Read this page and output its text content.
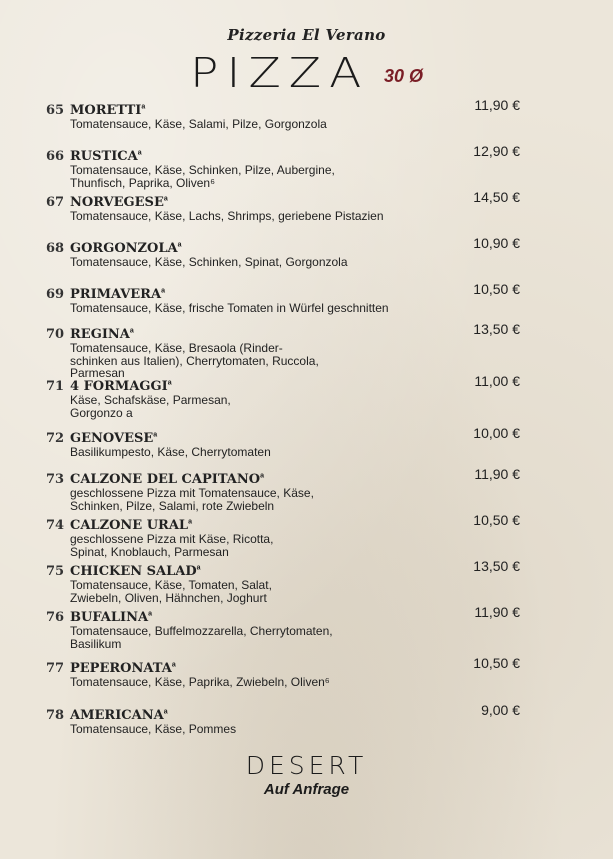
Pizzeria El Verano
PIZZA 30 Ø
65 MORETTI$^a$
Tomatensauce, Käse, Salami, Pilze, Gorgonzola
11,90 €
66 RUSTICA$^a$
Tomatensauce, Käse, Schinken, Pilze, Aubergine, Thunfisch, Paprika, Oliven⁶
12,90 €
67 NORVEGESE$^a$
Tomatensauce, Käse, Lachs, Shrimps, geriebene Pistazien
14,50 €
68 GORGONZOLA$^a$
Tomatensauce, Käse, Schinken, Spinat, Gorgonzola
10,90 €
69 PRIMAVERA$^a$
Tomatensauce, Käse, frische Tomaten in Würfel geschnitten
10,50 €
70 REGINA$^a$
Tomatensauce, Käse, Bresaola (Rinder-schinken aus Italien), Cherrytomaten, Ruccola, Parmesan
13,50 €
71 4 FORMAGGI$^a$
Käse, Schafskäse, Parmesan, Gorgonzo a
11,00 €
72 GENOVESE$^a$
Basilikumpesto, Käse, Cherrytomaten
10,00 €
73 CALZONE DEL CAPITANO$^a$
geschlossene Pizza mit Tomatensauce, Käse, Schinken, Pilze, Salami, rote Zwiebeln
11,90 €
74 CALZONE URAL$^a$
geschlossene Pizza mit Käse, Ricotta, Spinat, Knoblauch, Parmesan
10,50 €
75 CHICKEN SALAD$^a$
Tomatensauce, Käse, Tomaten, Salat, Zwiebeln, Oliven, Hähnchen, Joghurt
13,50 €
76 BUFALINA$^a$
Tomatensauce, Buffelmozzarella, Cherrytomaten, Basilikum
11,90 €
77 PEPERONATA$^a$
Tomatensauce, Käse, Paprika, Zwiebeln, Oliven⁶
10,50 €
78 AMERICANA$^a$
Tomatensauce, Käse, Pommes
9,00 €
DESERT
Auf Anfrage
